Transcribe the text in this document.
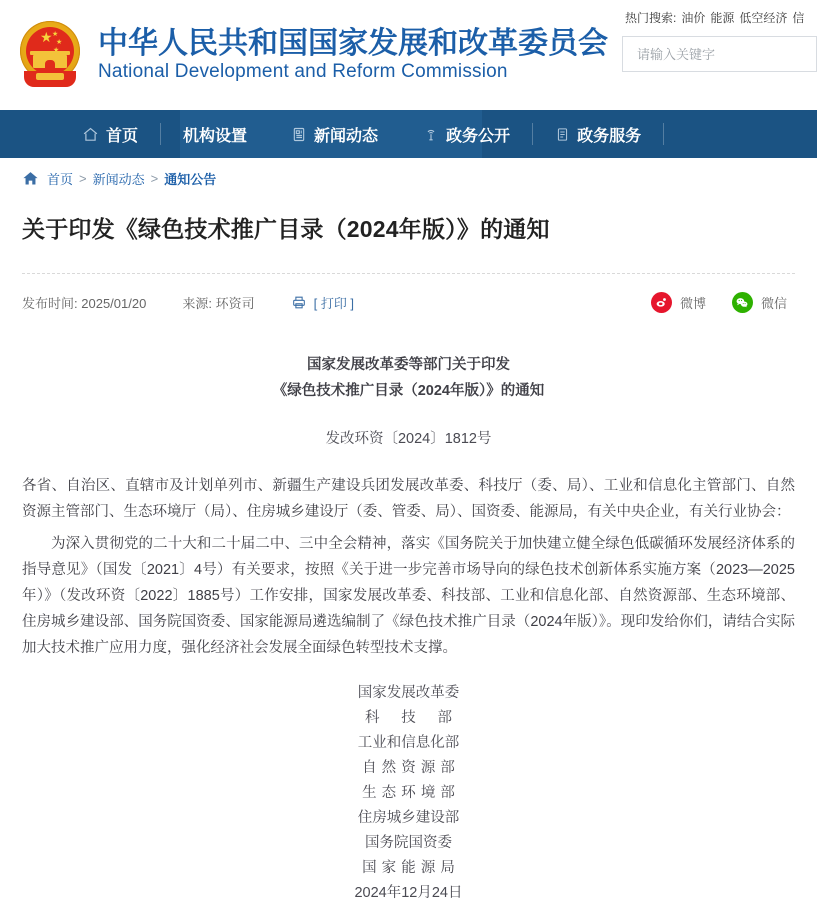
★ ★
★ 中华人民共和国国家发展和改革委员会
National Development and Reform Commission
热门搜索: 油价 能源 低空经济 信
请输入关键字
首页	机构设置	新闻动态	政务公开	政务服务
首页 > 新闻动态 > 通知公告
关于印发《绿色技术推广目录（2024年版）》的通知
发布时间: 2025/01/20	来源: 环资司	[ 打印 ]	微博	微信
国家发展改革委等部门关于印发
《绿色技术推广目录（2024年版）》的通知
发改环资〔2024〕1812号
各省、自治区、直辖市及计划单列市、新疆生产建设兵团发展改革委、科技厅（委、局）、工业和信息化主管部门、自然资源主管部门、生态环境厅（局）、住房城乡建设厅（委、管委、局）、国资委、能源局，有关中央企业，有关行业协会：
为深入贯彻党的二十大和二十届二中、三中全会精神，落实《国务院关于加快建立健全绿色低碳循环发展经济体系的指导意见》（国发〔2021〕4号）有关要求，按照《关于进一步完善市场导向的绿色技术创新体系实施方案（2023—2025年）》（发改环资〔2022〕1885号）工作安排，国家发展改革委、科技部、工业和信息化部、自然资源部、生态环境部、住房城乡建设部、国务院国资委、国家能源局遴选编制了《绿色技术推广目录（2024年版）》。现印发给你们，请结合实际加大技术推广应用力度，强化经济社会发展全面绿色转型技术支撑。
国家发展改革委
科技部
工业和信息化部
自然资源部
生态环境部
住房城乡建设部
国务院国资委
国家能源局
2024年12月24日
